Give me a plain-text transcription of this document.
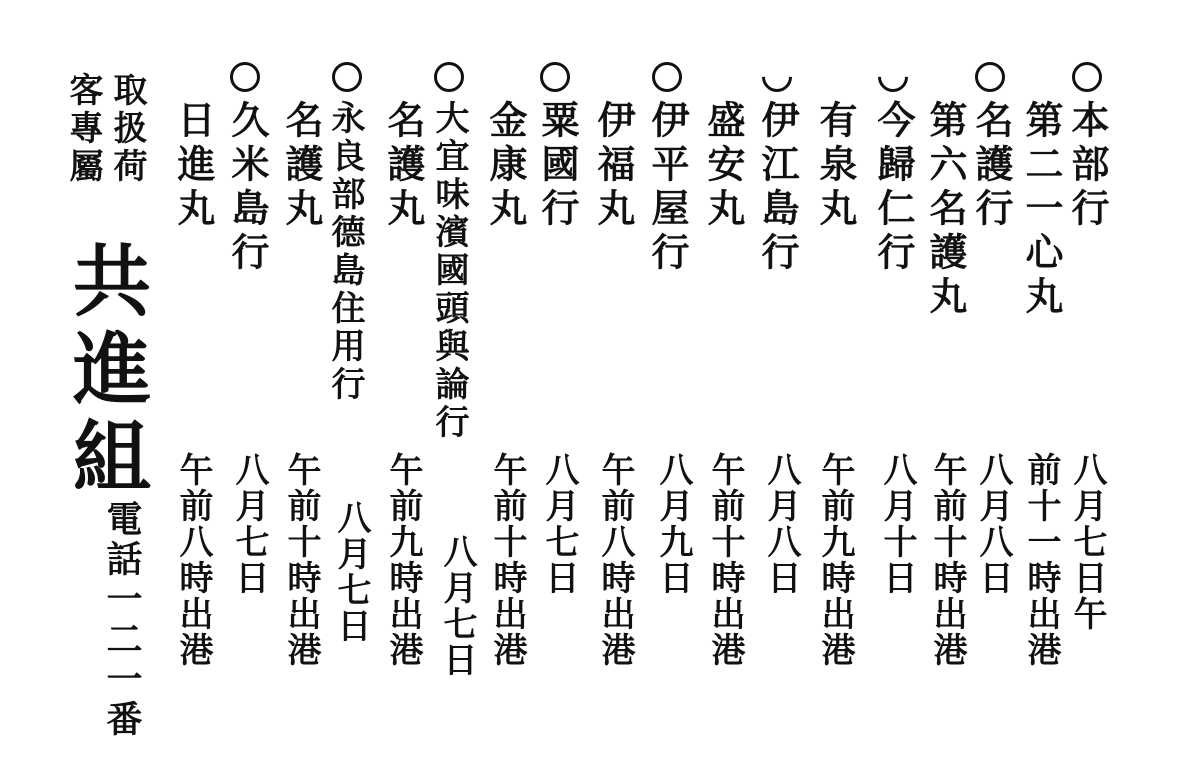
本部行
八月七日午
第二一心丸
前十一時出港
名護行
八月八日
第六名護丸
午前十時出港
今歸仁行
八月十日
有泉丸
午前九時出港
伊江島行
八月八日
盛安丸
午前十時出港
伊平屋行
八月九日
伊福丸
午前八時出港
粟國行
八月七日
金康丸
午前十時出港
大宜味濱國頭與論行
八月七日
名護丸
午前九時出港
永良部德島住用行
八月七日
名護丸
午前十時出港
久米島行
八月七日
日進丸
午前八時出港
取扱荷
客專屬
共進組
電話一二一番
